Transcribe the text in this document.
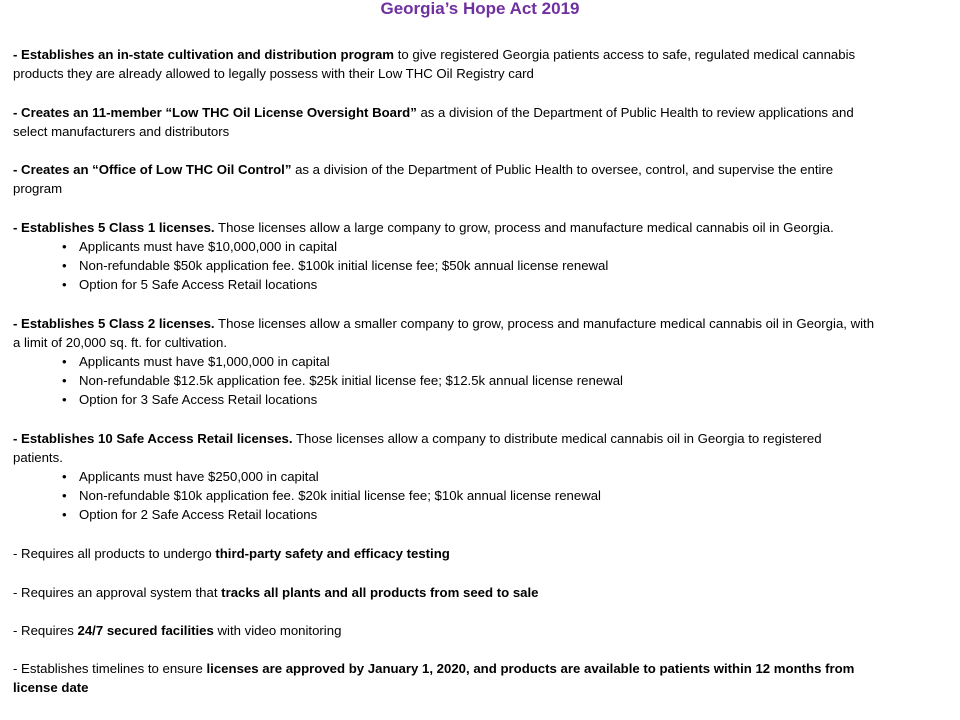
Georgia’s Hope Act 2019
- Establishes an in-state cultivation and distribution program to give registered Georgia patients access to safe, regulated medical cannabis
products they are already allowed to legally possess with their Low THC Oil Registry card
- Creates an 11-member “Low THC Oil License Oversight Board” as a division of the Department of Public Health to review applications and
select manufacturers and distributors
- Creates an “Office of Low THC Oil Control” as a division of the Department of Public Health to oversee, control, and supervise the entire
program
- Establishes 5 Class 1 licenses. Those licenses allow a large company to grow, process and manufacture medical cannabis oil in Georgia.
• Applicants must have $10,000,000 in capital
• Non-refundable $50k application fee. $100k initial license fee; $50k annual license renewal
• Option for 5 Safe Access Retail locations
- Establishes 5 Class 2 licenses. Those licenses allow a smaller company to grow, process and manufacture medical cannabis oil in Georgia, with
a limit of 20,000 sq. ft. for cultivation.
• Applicants must have $1,000,000 in capital
• Non-refundable $12.5k application fee. $25k initial license fee; $12.5k annual license renewal
• Option for 3 Safe Access Retail locations
- Establishes 10 Safe Access Retail licenses. Those licenses allow a company to distribute medical cannabis oil in Georgia to registered
patients.
• Applicants must have $250,000 in capital
• Non-refundable $10k application fee. $20k initial license fee; $10k annual license renewal
• Option for 2 Safe Access Retail locations
- Requires all products to undergo third-party safety and efficacy testing
- Requires an approval system that tracks all plants and all products from seed to sale
- Requires 24/7 secured facilities with video monitoring
- Establishes timelines to ensure licenses are approved by January 1, 2020, and products are available to patients within 12 months from
license date
